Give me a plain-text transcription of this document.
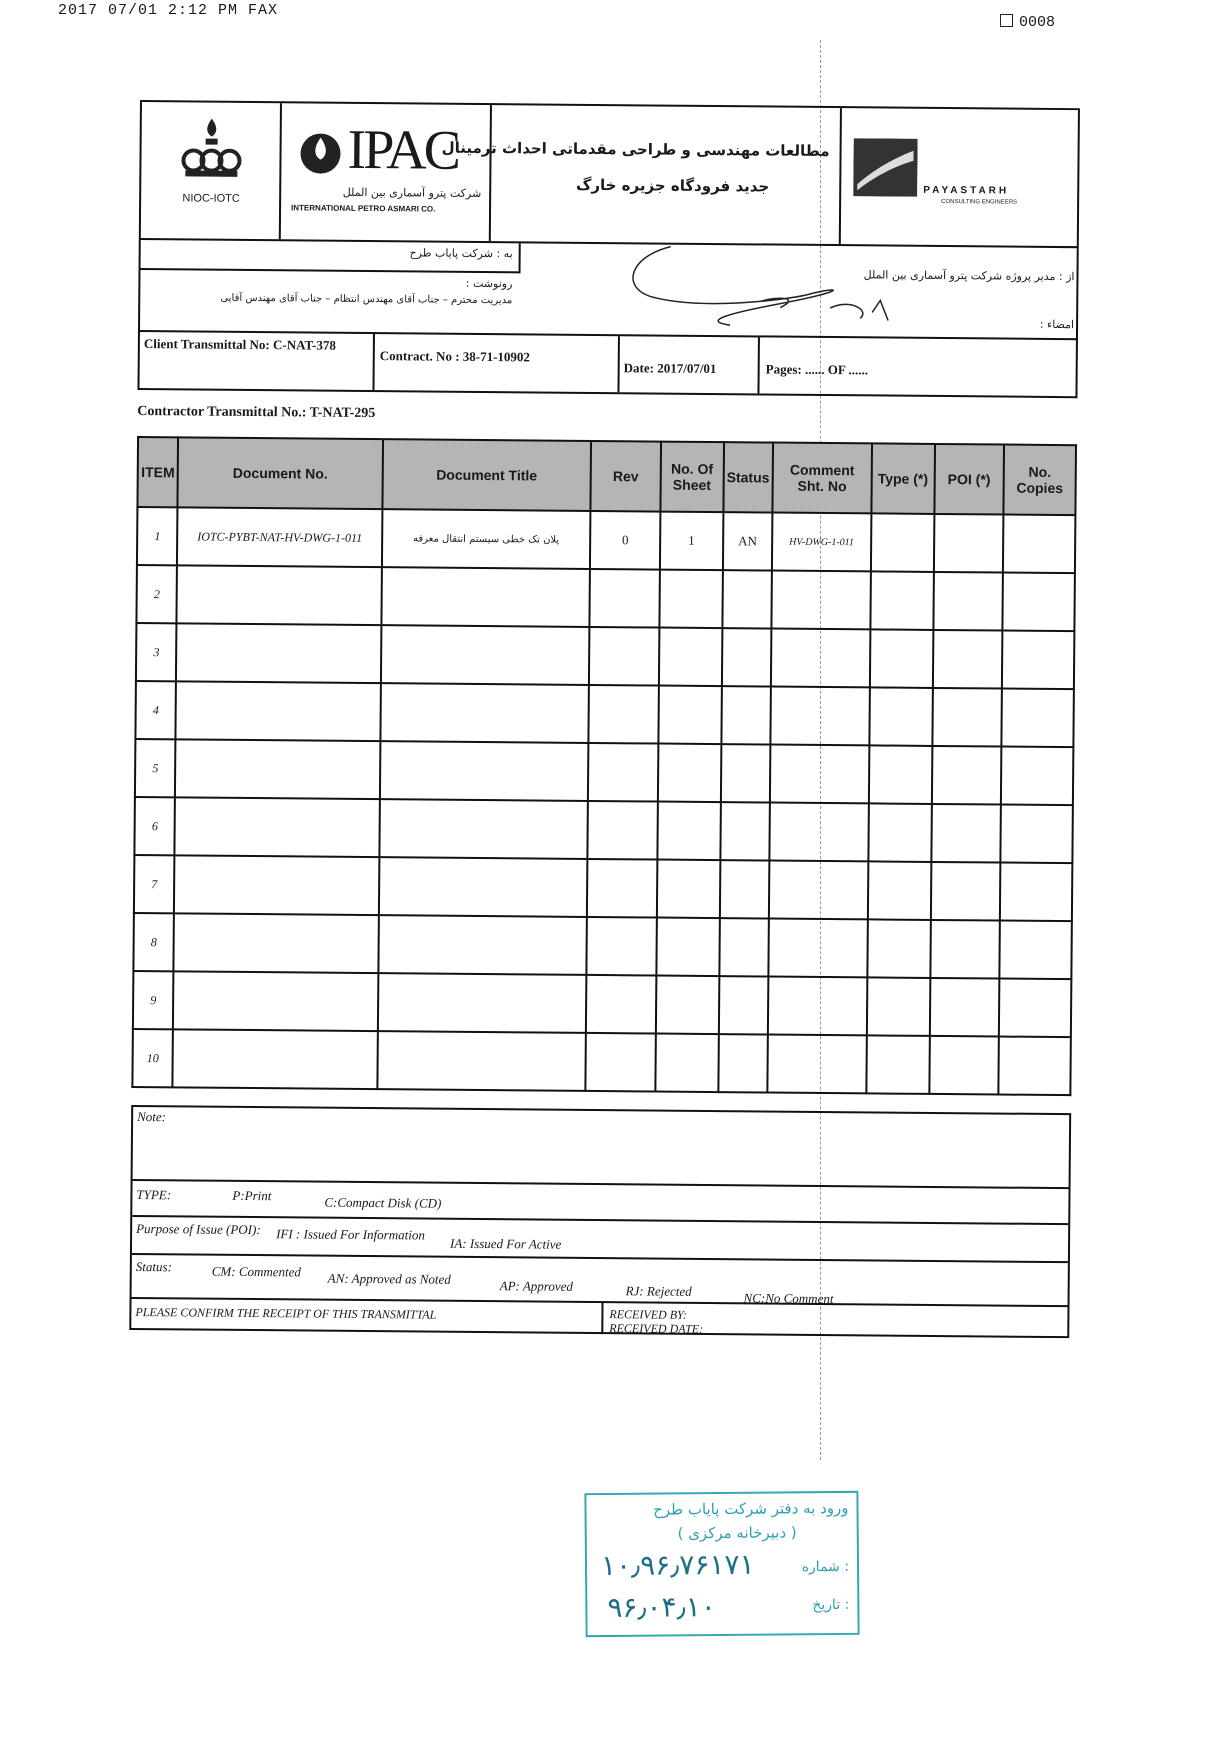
2017 07/01 2:12 PM FAX
0008
NIOC-IOTC
IPAC
شرکت پترو آسماری بین الملل
INTERNATIONAL PETRO ASMARI CO.
مطالعات مهندسی و طراحی مقدماتی احداث ترمینال
جدید فرودگاه جزیره خارگ	PAYASTARH
CONSULTING ENGINEERS
به : شرکت پایاب طرح
رونوشت :
مدیریت محترم – جناب آقای مهندس انتظام – جناب آقای مهندس آقایی
از : مدیر پروژه شرکت پترو آسماری بین الملل
امضاء :
Client Transmittal No: C-NAT-378
Contract. No : 38-71-10902
Date: 2017/07/01	Pages: ...... OF ......
Contractor Transmittal No.: T-NAT-295
ITEM	Document No.	Document Title	Rev	No. Of Sheet	Status	Comment Sht. No	Type (*)	POI (*)	No. Copies
1	IOTC-PYBT-NAT-HV-DWG-1-011	پلان تک خطی سیستم انتقال معرفه	0	1	AN	HV-DWG-1-011			
2									
3									
4									
5									
6									
7									
8									
9									
10									
Note:
TYPE:	P:Print	C:Compact Disk (CD)
Purpose of Issue (POI): IFI : Issued For Information
IA: Issued For Active
Status:	CM: Commented AN: Approved as Noted	AP: Approved	RJ: Rejected	NC:No Comment
PLEASE CONFIRM THE RECEIPT OF THIS TRANSMITTAL	RECEIVED BY:
RECEIVED DATE:
ورود به دفتر شرکت پایاب طرح
( دبیرخانه مرکزی )
شماره :
۱۰٫۹۶٫۷۶۱۷۱
تاریخ :
۹۶٫۰۴٫۱۰
